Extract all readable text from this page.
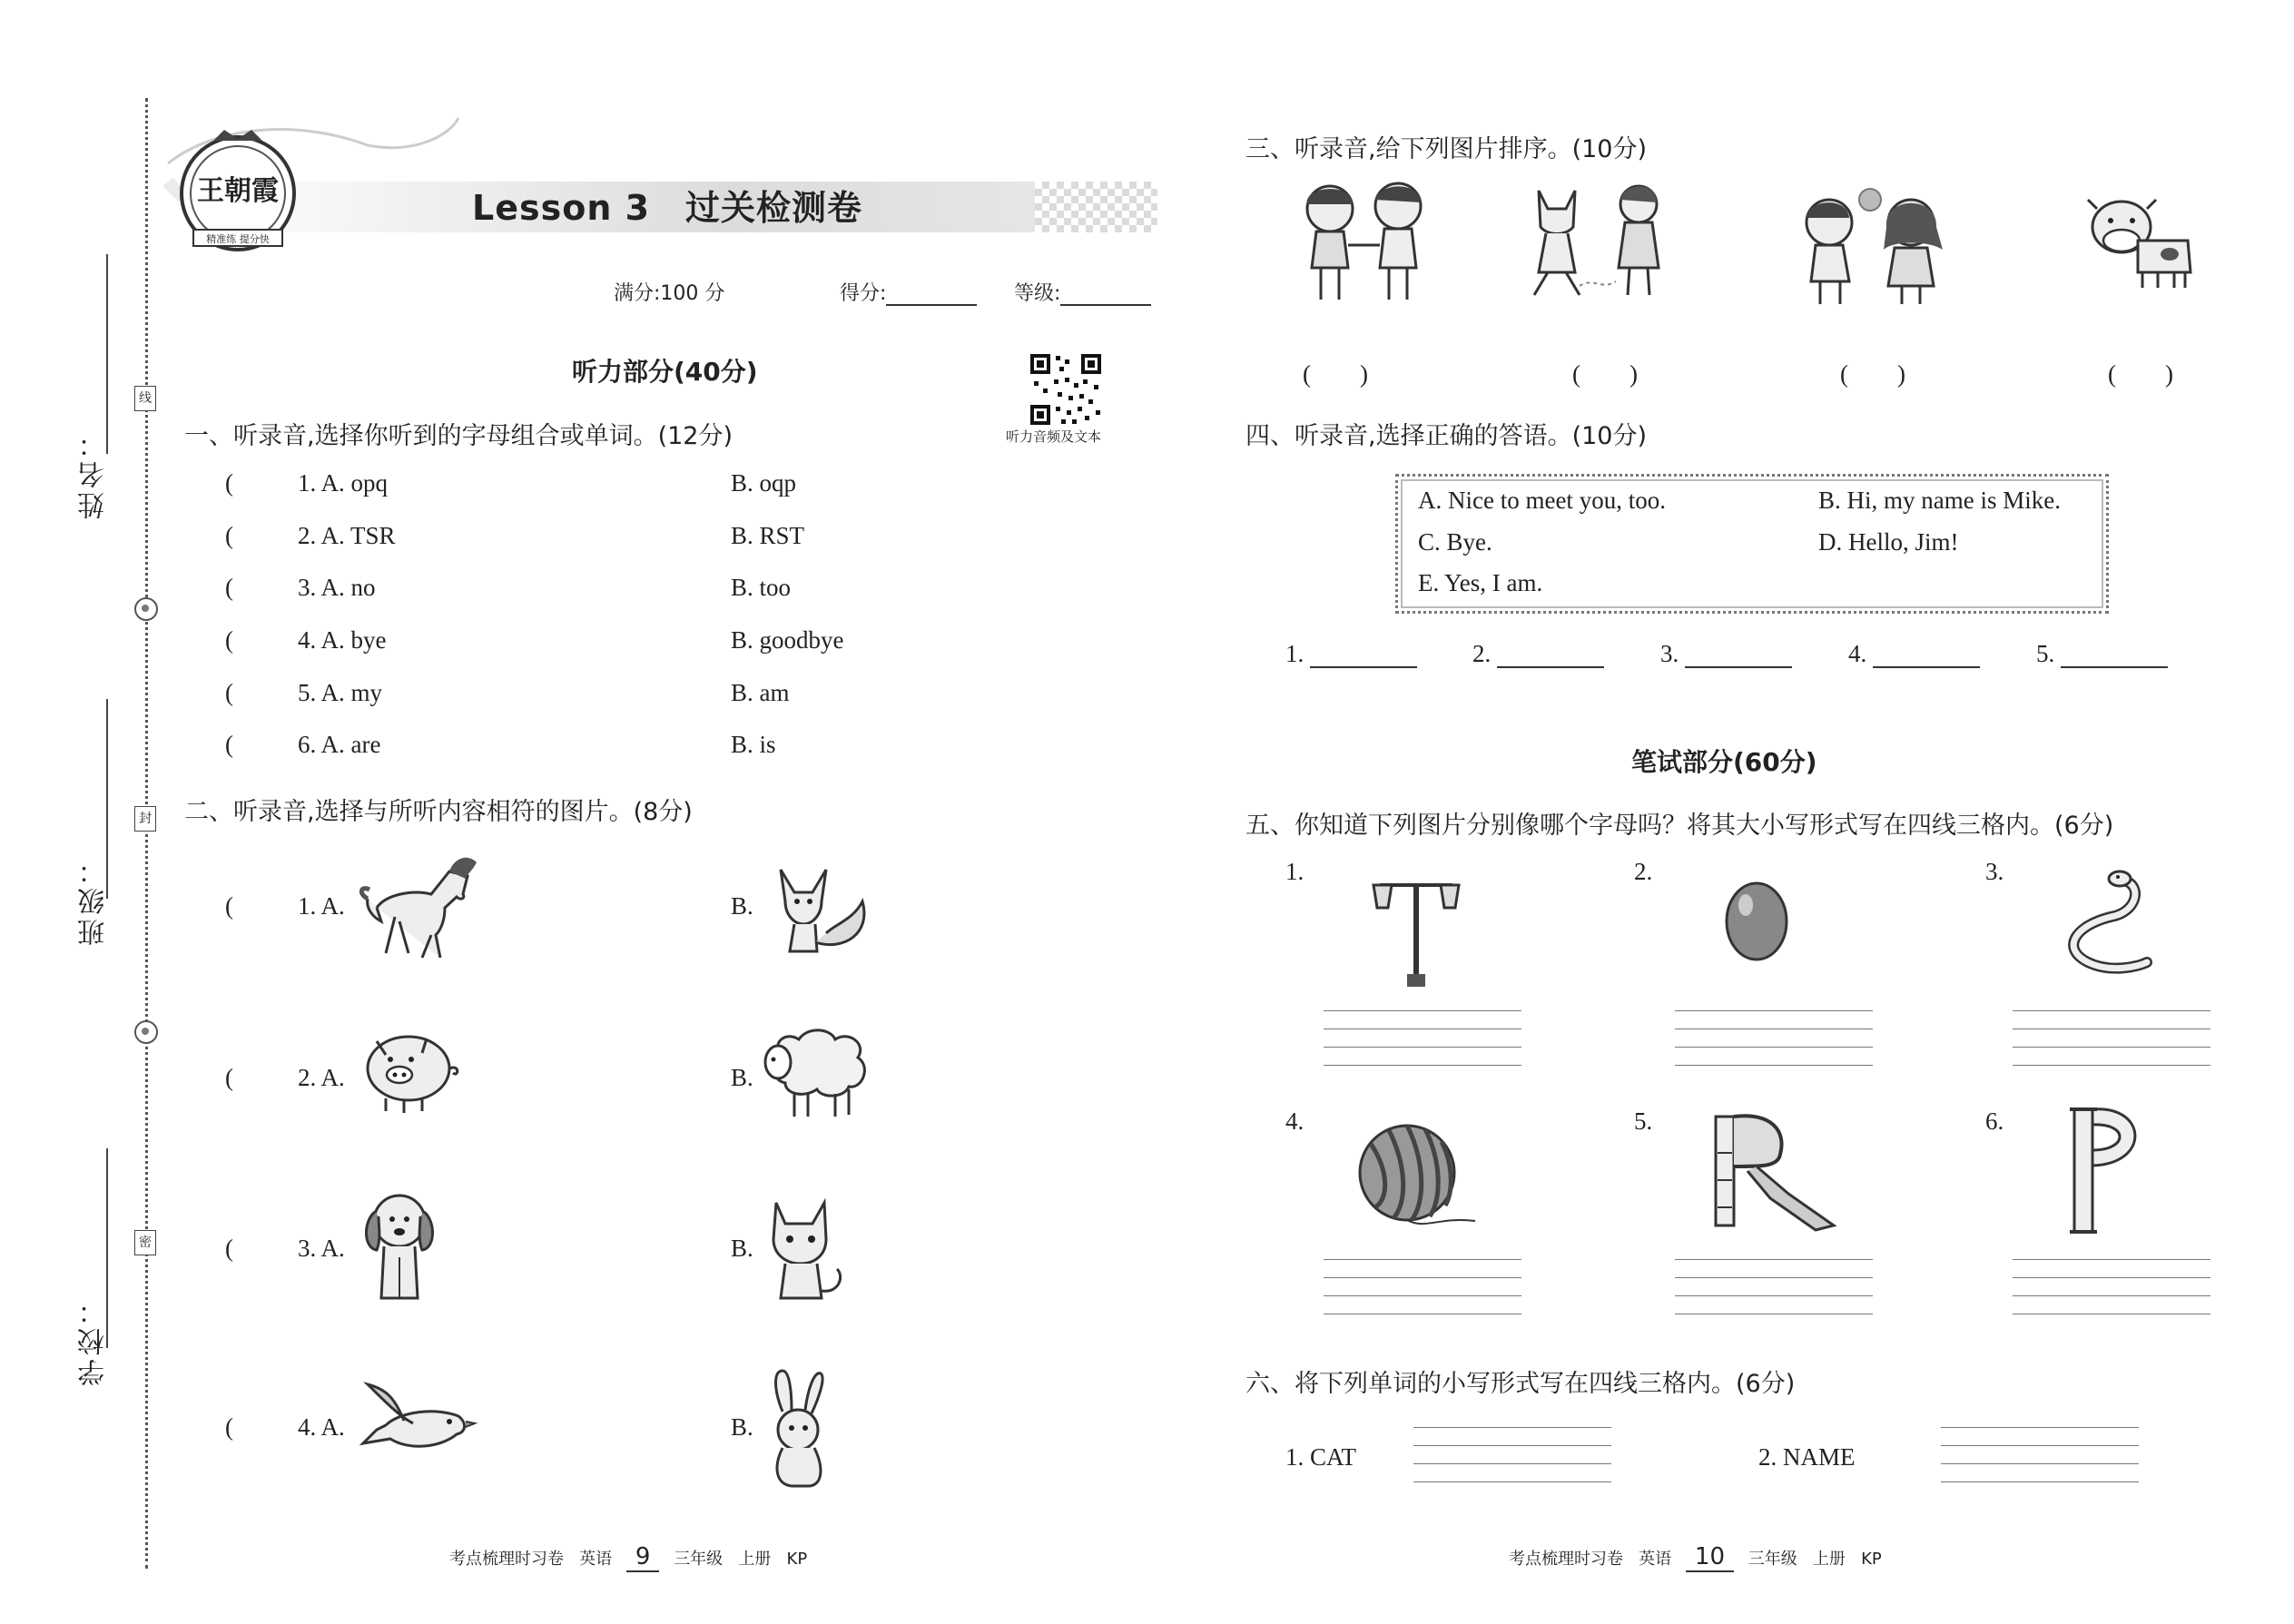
姓名：
班级：
学校：
线
封
密
王朝霞
精准练 提分快
Lesson 3　过关检测卷
满分:100 分	得分:	等级:
听力音频及文本
听力部分(40分)
一、听录音,选择你听到的字母组合或单词。(12分)
(	1. A. opq	B. oqp
(	2. A. TSR	B. RST
(	3. A. no	B. too
(	4. A. bye	B. goodbye
(	5. A. my	B. am
(	6. A. are	B. is
二、听录音,选择与所听内容相符的图片。(8分)
(	1. A.	B.
(	2. A.	B.
(	3. A.	B.
(	4. A.	B.
考点梳理时习卷 英语 9 三年级 上册 KP
三、听录音,给下列图片排序。(10分)
(　　)	(　　)	(　　)	(　　)
四、听录音,选择正确的答语。(10分)
A. Nice to meet you, too.	B. Hi, my name is Mike.
C. Bye.	D. Hello, Jim!
E. Yes, I am.
1.	2.	3.	4.	5.
笔试部分(60分)
五、你知道下列图片分别像哪个字母吗？将其大小写形式写在四线三格内。(6分)
1.	2.	3.
4.	5.	6.
六、将下列单词的小写形式写在四线三格内。(6分)
1. CAT	2. NAME
考点梳理时习卷 英语 10 三年级 上册 KP
